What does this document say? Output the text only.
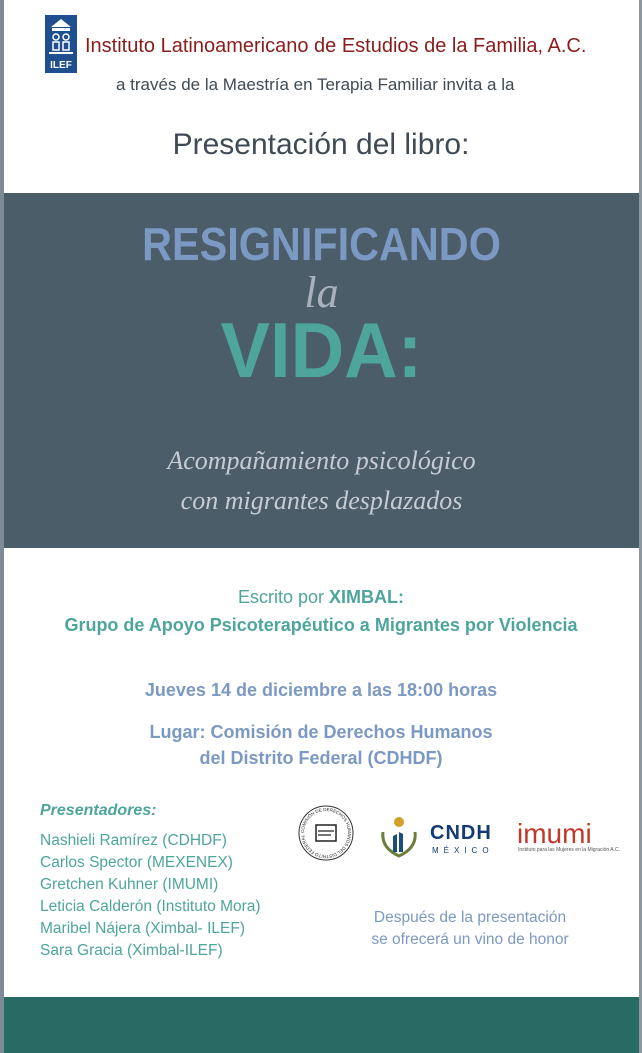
ILEF
Instituto Latinoamericano de Estudios de la Familia, A.C.
a través de la Maestría en Terapia Familiar invita a la
Presentación del libro:
RESIGNIFICANDO
la
VIDA:
Acompañamiento psicológico
con migrantes desplazados
Escrito por XIMBAL:
Grupo de Apoyo Psicoterapéutico a Migrantes por Violencia
Jueves 14 de diciembre a las 18:00 horas
Lugar: Comisión de Derechos Humanos
del Distrito Federal (CDHDF)
Presentadores:
Nashieli Ramírez (CDHDF)
Carlos Spector (MEXENEX)
Gretchen Kuhner (IMUMI)
Leticia Calderón (Instituto Mora)
Maribel Nájera (Ximbal- ILEF)
Sara Gracia (Ximbal-ILEF)
COMISIÓN DE DERECHOS HUMANOS DEL DISTRITO FEDERAL	CNDH
MÉXICO
imumi
Instituto para las Mujeres en la Migración A.C.
Después de la presentación
se ofrecerá un vino de honor
